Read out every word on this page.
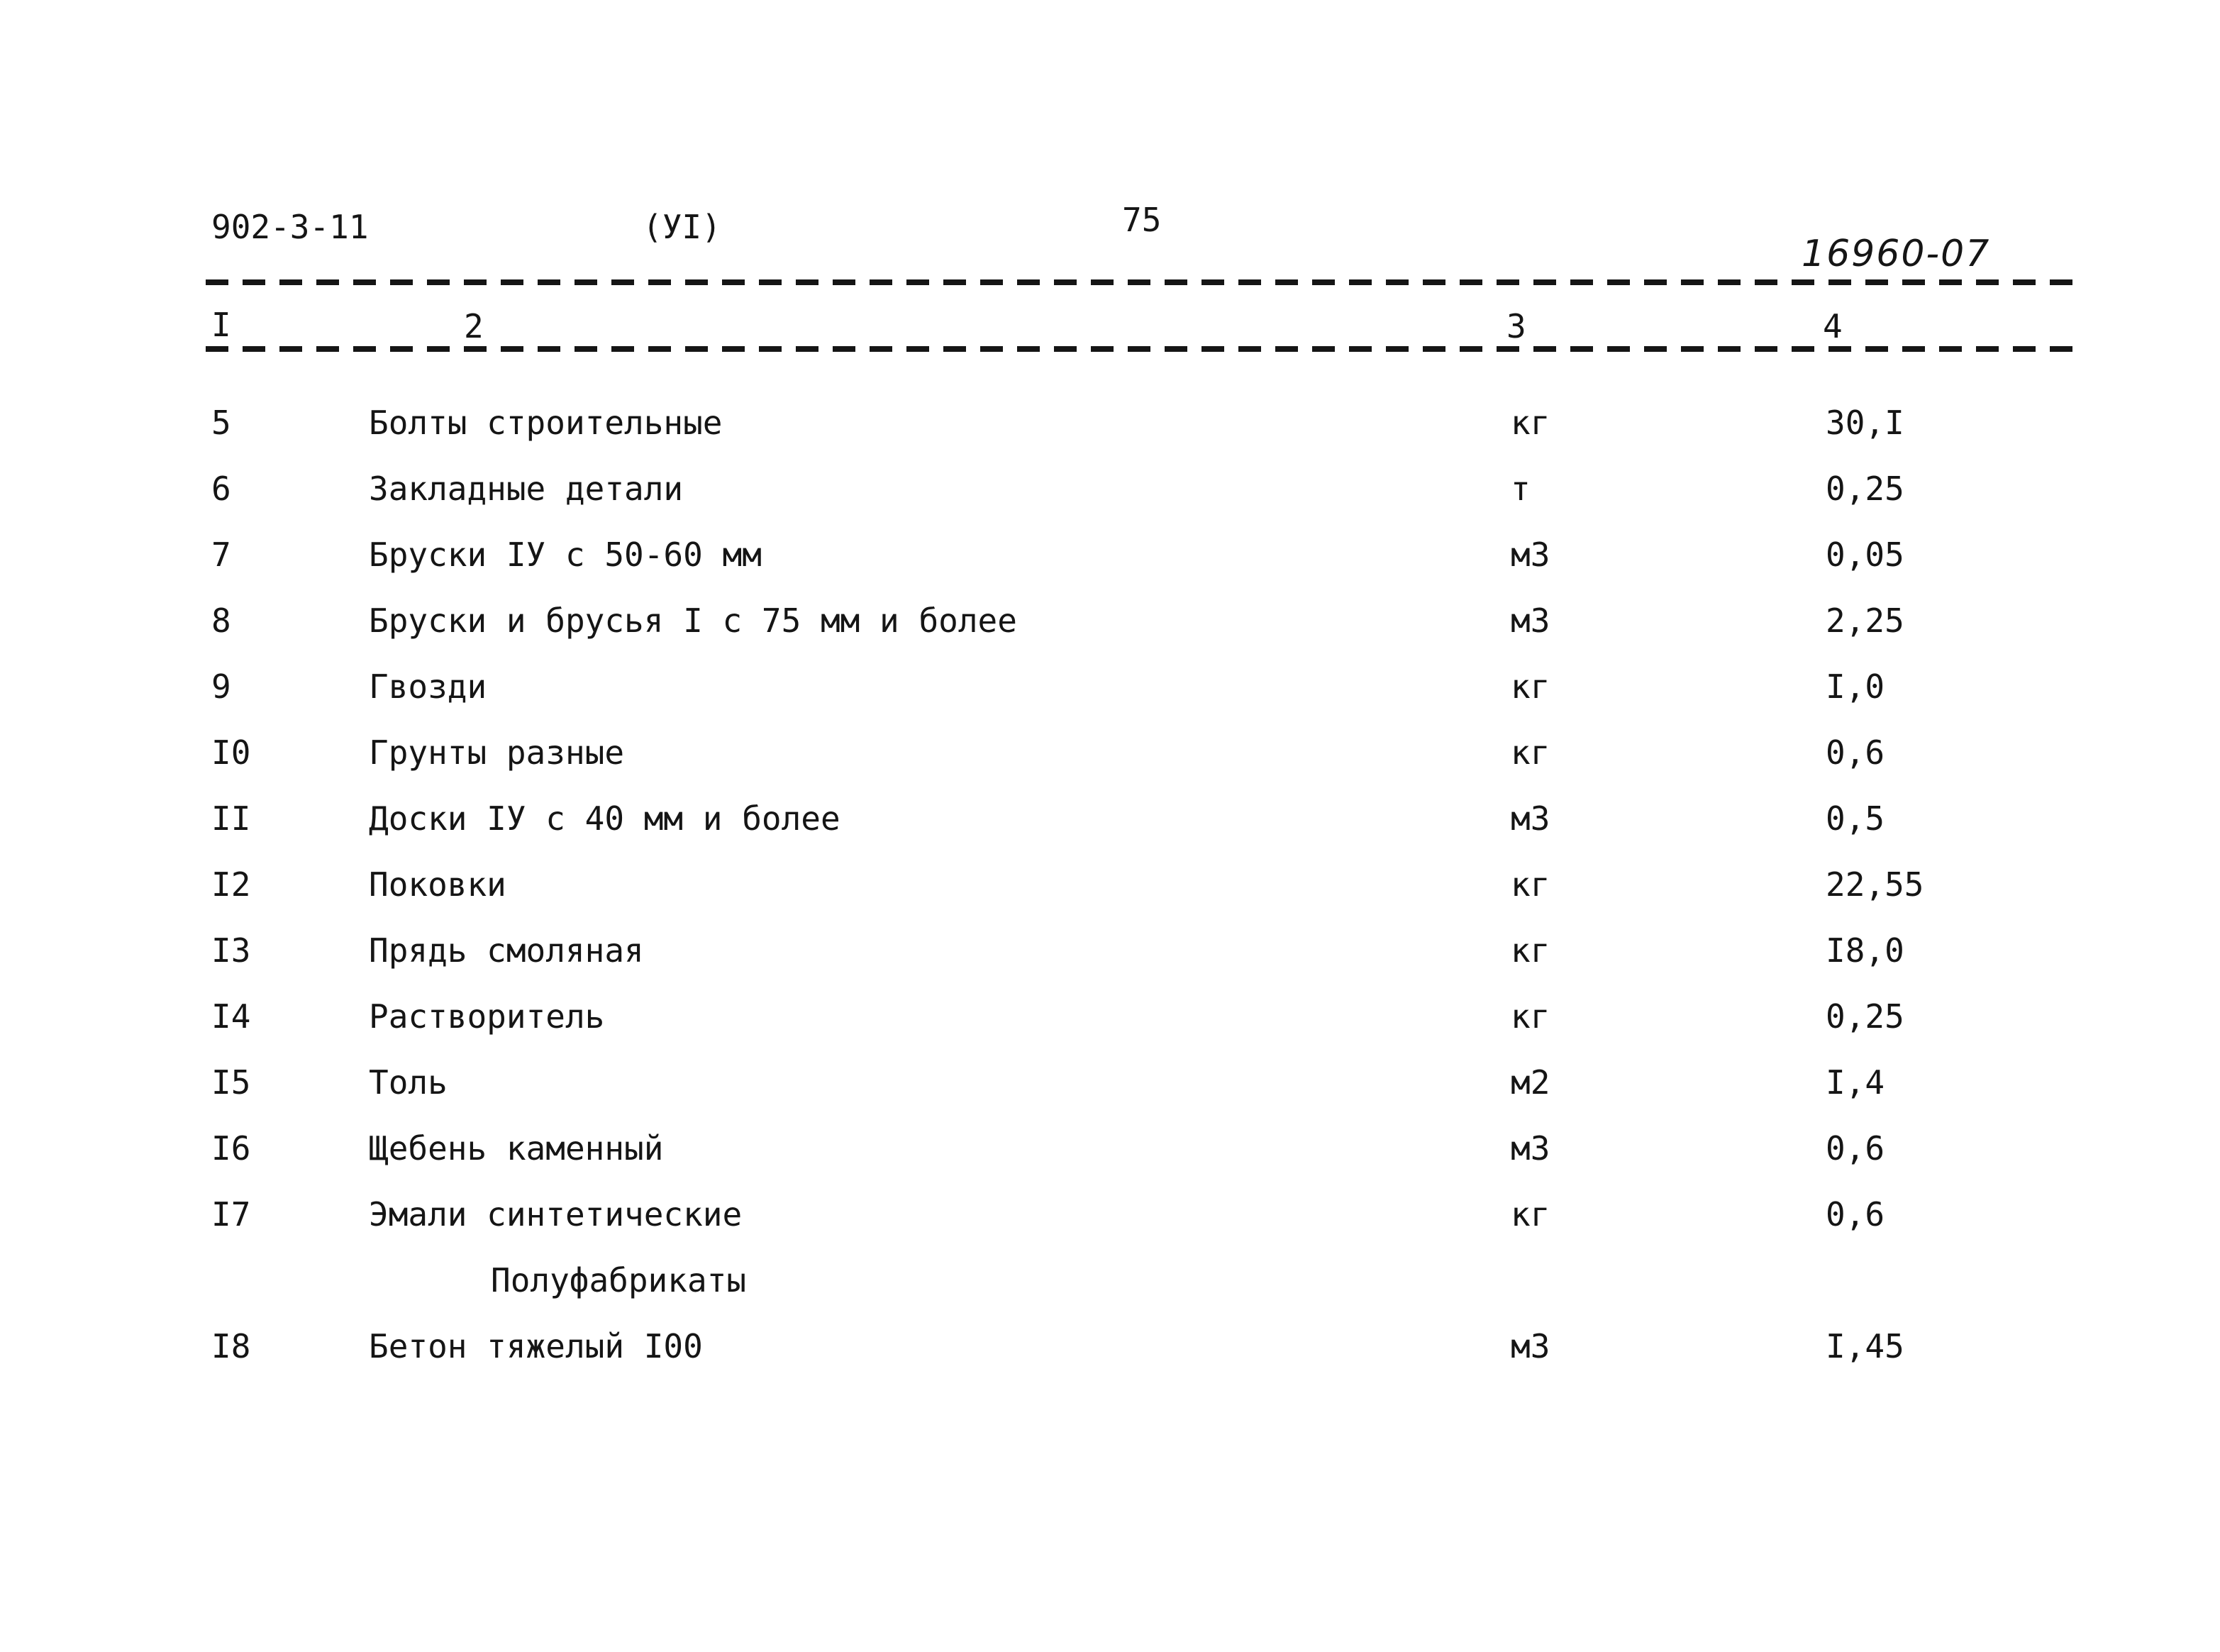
902-3-11	(УI)	75
16960-07
I	2	3	4
5	Болты строительные	кг	30,I
6	Закладные детали	т	0,25
7	Бруски IУ с 50-60 мм	м3	0,05
8	Бруски и брусья I с 75 мм и более	м3	2,25
9	Гвозди	кг	I,0
I0	Грунты разные	кг	0,6
II	Доски IУ с 40 мм и более	м3	0,5
I2	Поковки	кг	22,55
I3	Прядь смоляная	кг	I8,0
I4	Растворитель	кг	0,25
I5	Толь	м2	I,4
I6	Щебень каменный	м3	0,6
I7	Эмали синтетические	кг	0,6
Полуфабрикаты
I8	Бетон тяжелый I00	м3	I,45
